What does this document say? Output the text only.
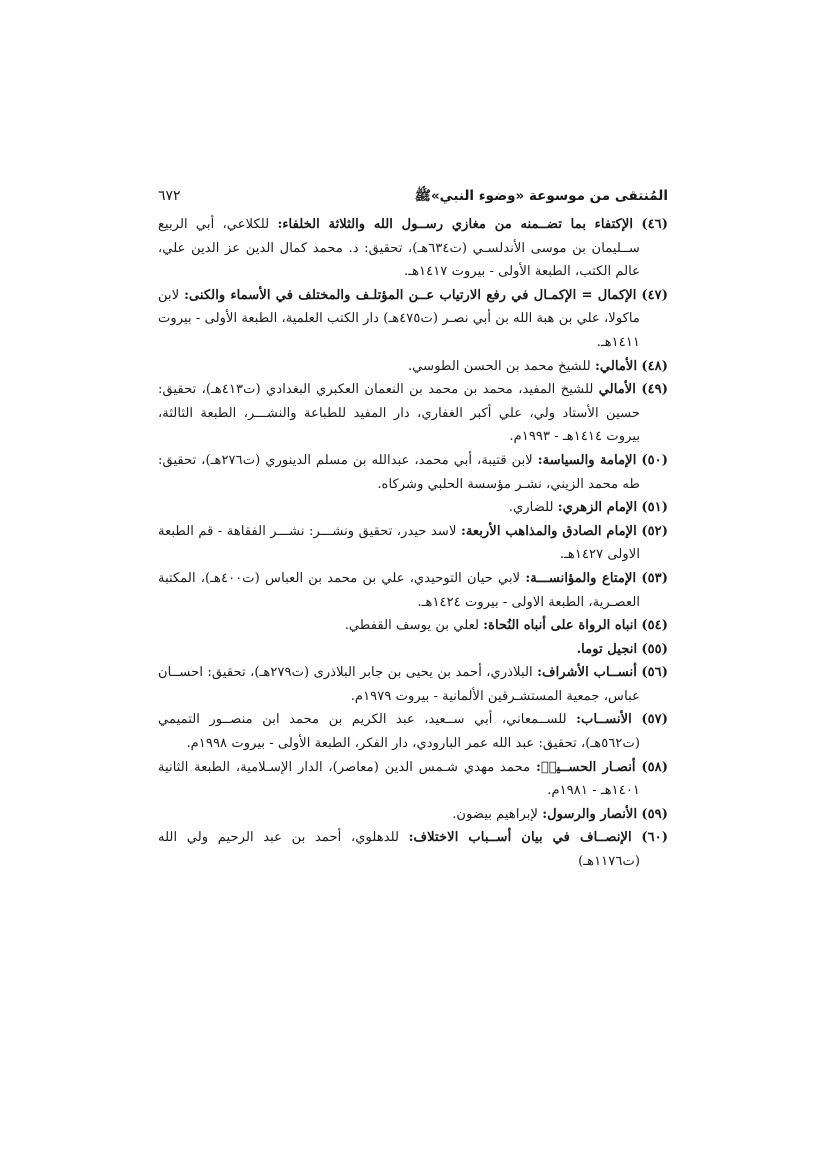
المُنتقى من موسوعة «وضوء النبي»ﷺ
٦٧٢

(٤٦) الإكتفاء بما تضــمنه من مغازي رســول الله والثلاثة الخلفاء: للكلاعي، أبي الربيع ســليمان بن موسى الأندلسـي (ت٦٣٤هـ)، تحقيق: د. محمد كمال الدين عز الدين علي، عالم الكتب، الطبعة الأولى - بيروت ١٤١٧هـ.

(٤٧) الإكمال = الإكمـال في رفع الارتياب عــن المؤتلـف والمختلف في الأسماء والكنى: لابن ماكولا، علي بن هبة الله بن أبي نصـر (ت٤٧٥هـ) دار الكتب العلمية، الطبعة الأولى - بيروت ١٤١١هـ.

(٤٨) الأمالي: للشيخ محمد بن الحسن الطوسي.

(٤٩) الأمالي للشيخ المفيد، محمد بن محمد بن النعمان العكبري البغدادي (ت٤١٣هـ)، تحقيق: حسين الأستاد ولي، علي أكبر الغفاري، دار المفيد للطباعة والنشـــر، الطبعة الثالثة، بيروت ١٤١٤هـ - ١٩٩٣م.

(٥٠) الإمامة والسياسة: لابن قتيبة، أبي محمد، عبدالله بن مسلم الدينوري (ت٢٧٦هـ)، تحقيق: طه محمد الزيني، نشـر مؤسسة الحلبي وشركاه.

(٥١) الإمام الزهري: للضاري.

(٥٢) الإمام الصادق والمذاهب الأربعة: لاسد حيدر، تحقيق ونشـــر: نشـــر الفقاهة - قم الطبعة الاولى ١٤٢٧هـ.

(٥٣) الإمتاع والمؤانســـة: لابي حيان التوحيدي، علي بن محمد بن العباس (ت٤٠٠هـ)، المكتبة العصـرية، الطبعة الاولى - بيروت ١٤٢٤هـ.

(٥٤) انباه الرواة على أنباه النُحاة: لعلي بن يوسف القفطي.

(٥٥) انجيل توما.

(٥٦) أنســاب الأشراف: البلاذري، أحمد بن يحيى بن جابر البلاذرى (ت٢٧٩هـ)، تحقيق: احســان عباس، جمعية المستشـرقين الألمانية - بيروت ١٩٧٩م.

(٥٧) الأنســاب: للســمعاني، أبي ســعيد، عبد الكريم بن محمد ابن منصــور التميمي (ت٥٦٢هـ)، تحقيق: عبد الله عمر البارودي، دار الفكر، الطبعة الأولى - بيروت ١٩٩٨م.

(٥٨) أنصـار الحســينؑ: محمد مهدي شـمس الدين (معاصر)، الدار الإسـلامية، الطبعة الثانية ١٤٠١هـ - ١٩٨١م.

(٥٩) الأنصار والرسول: لإبراهيم بيضون.

(٦٠) الإنصــاف في بيان أســباب الاختلاف: للدهلوي، أحمد بن عبد الرحيم ولي الله (ت١١٧٦هـ)
